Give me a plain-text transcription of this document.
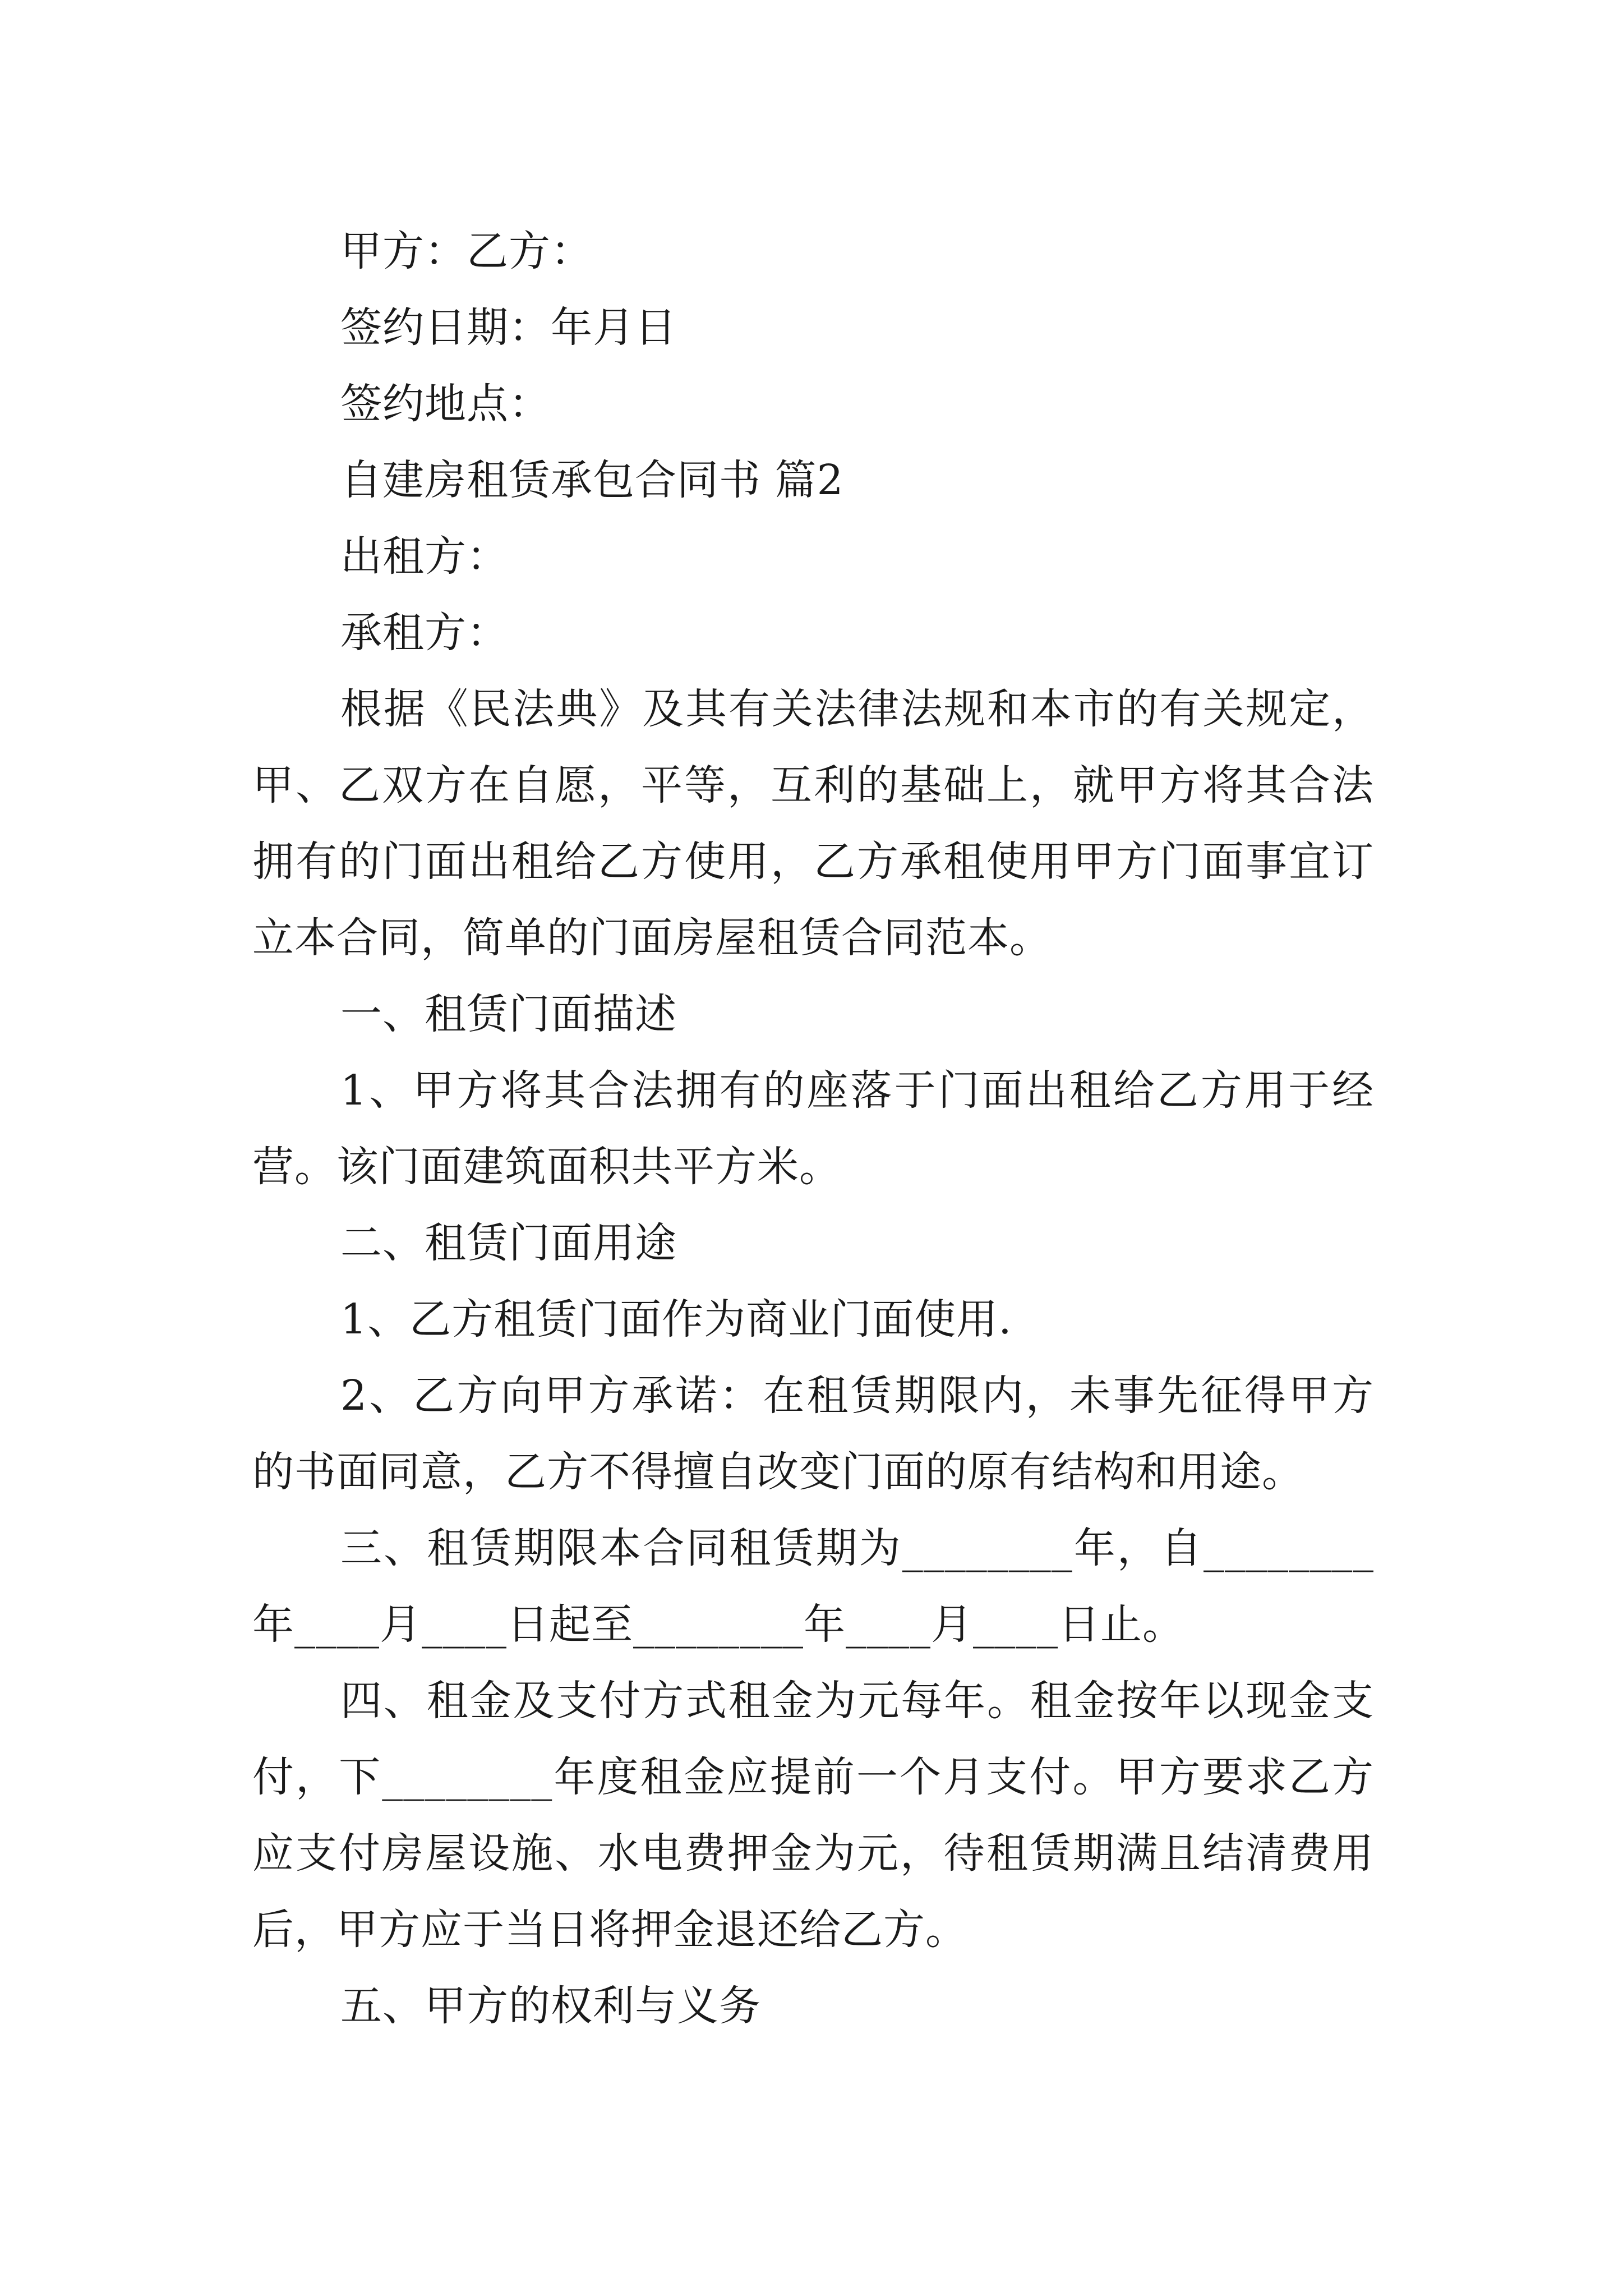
甲方：乙方：

签约日期：年月日

签约地点：

自建房租赁承包合同书 篇2

出租方：

承租方：

根据《民法典》及其有关法律法规和本市的有关规定，甲、乙双方在自愿，平等，互利的基础上，就甲方将其合法拥有的门面出租给乙方使用，乙方承租使用甲方门面事宜订立本合同，简单的门面房屋租赁合同范本。

一、租赁门面描述

1、甲方将其合法拥有的座落于门面出租给乙方用于经营。该门面建筑面积共平方米。

二、租赁门面用途

1、乙方租赁门面作为商业门面使用.

2、乙方向甲方承诺：在租赁期限内，未事先征得甲方的书面同意，乙方不得擅自改变门面的原有结构和用途。

三、租赁期限本合同租赁期为________年，自________年____月____日起至________年____月____日止。

四、租金及支付方式租金为元每年。租金按年以现金支付，下________年度租金应提前一个月支付。甲方要求乙方应支付房屋设施、水电费押金为元，待租赁期满且结清费用后，甲方应于当日将押金退还给乙方。

五、甲方的权利与义务
